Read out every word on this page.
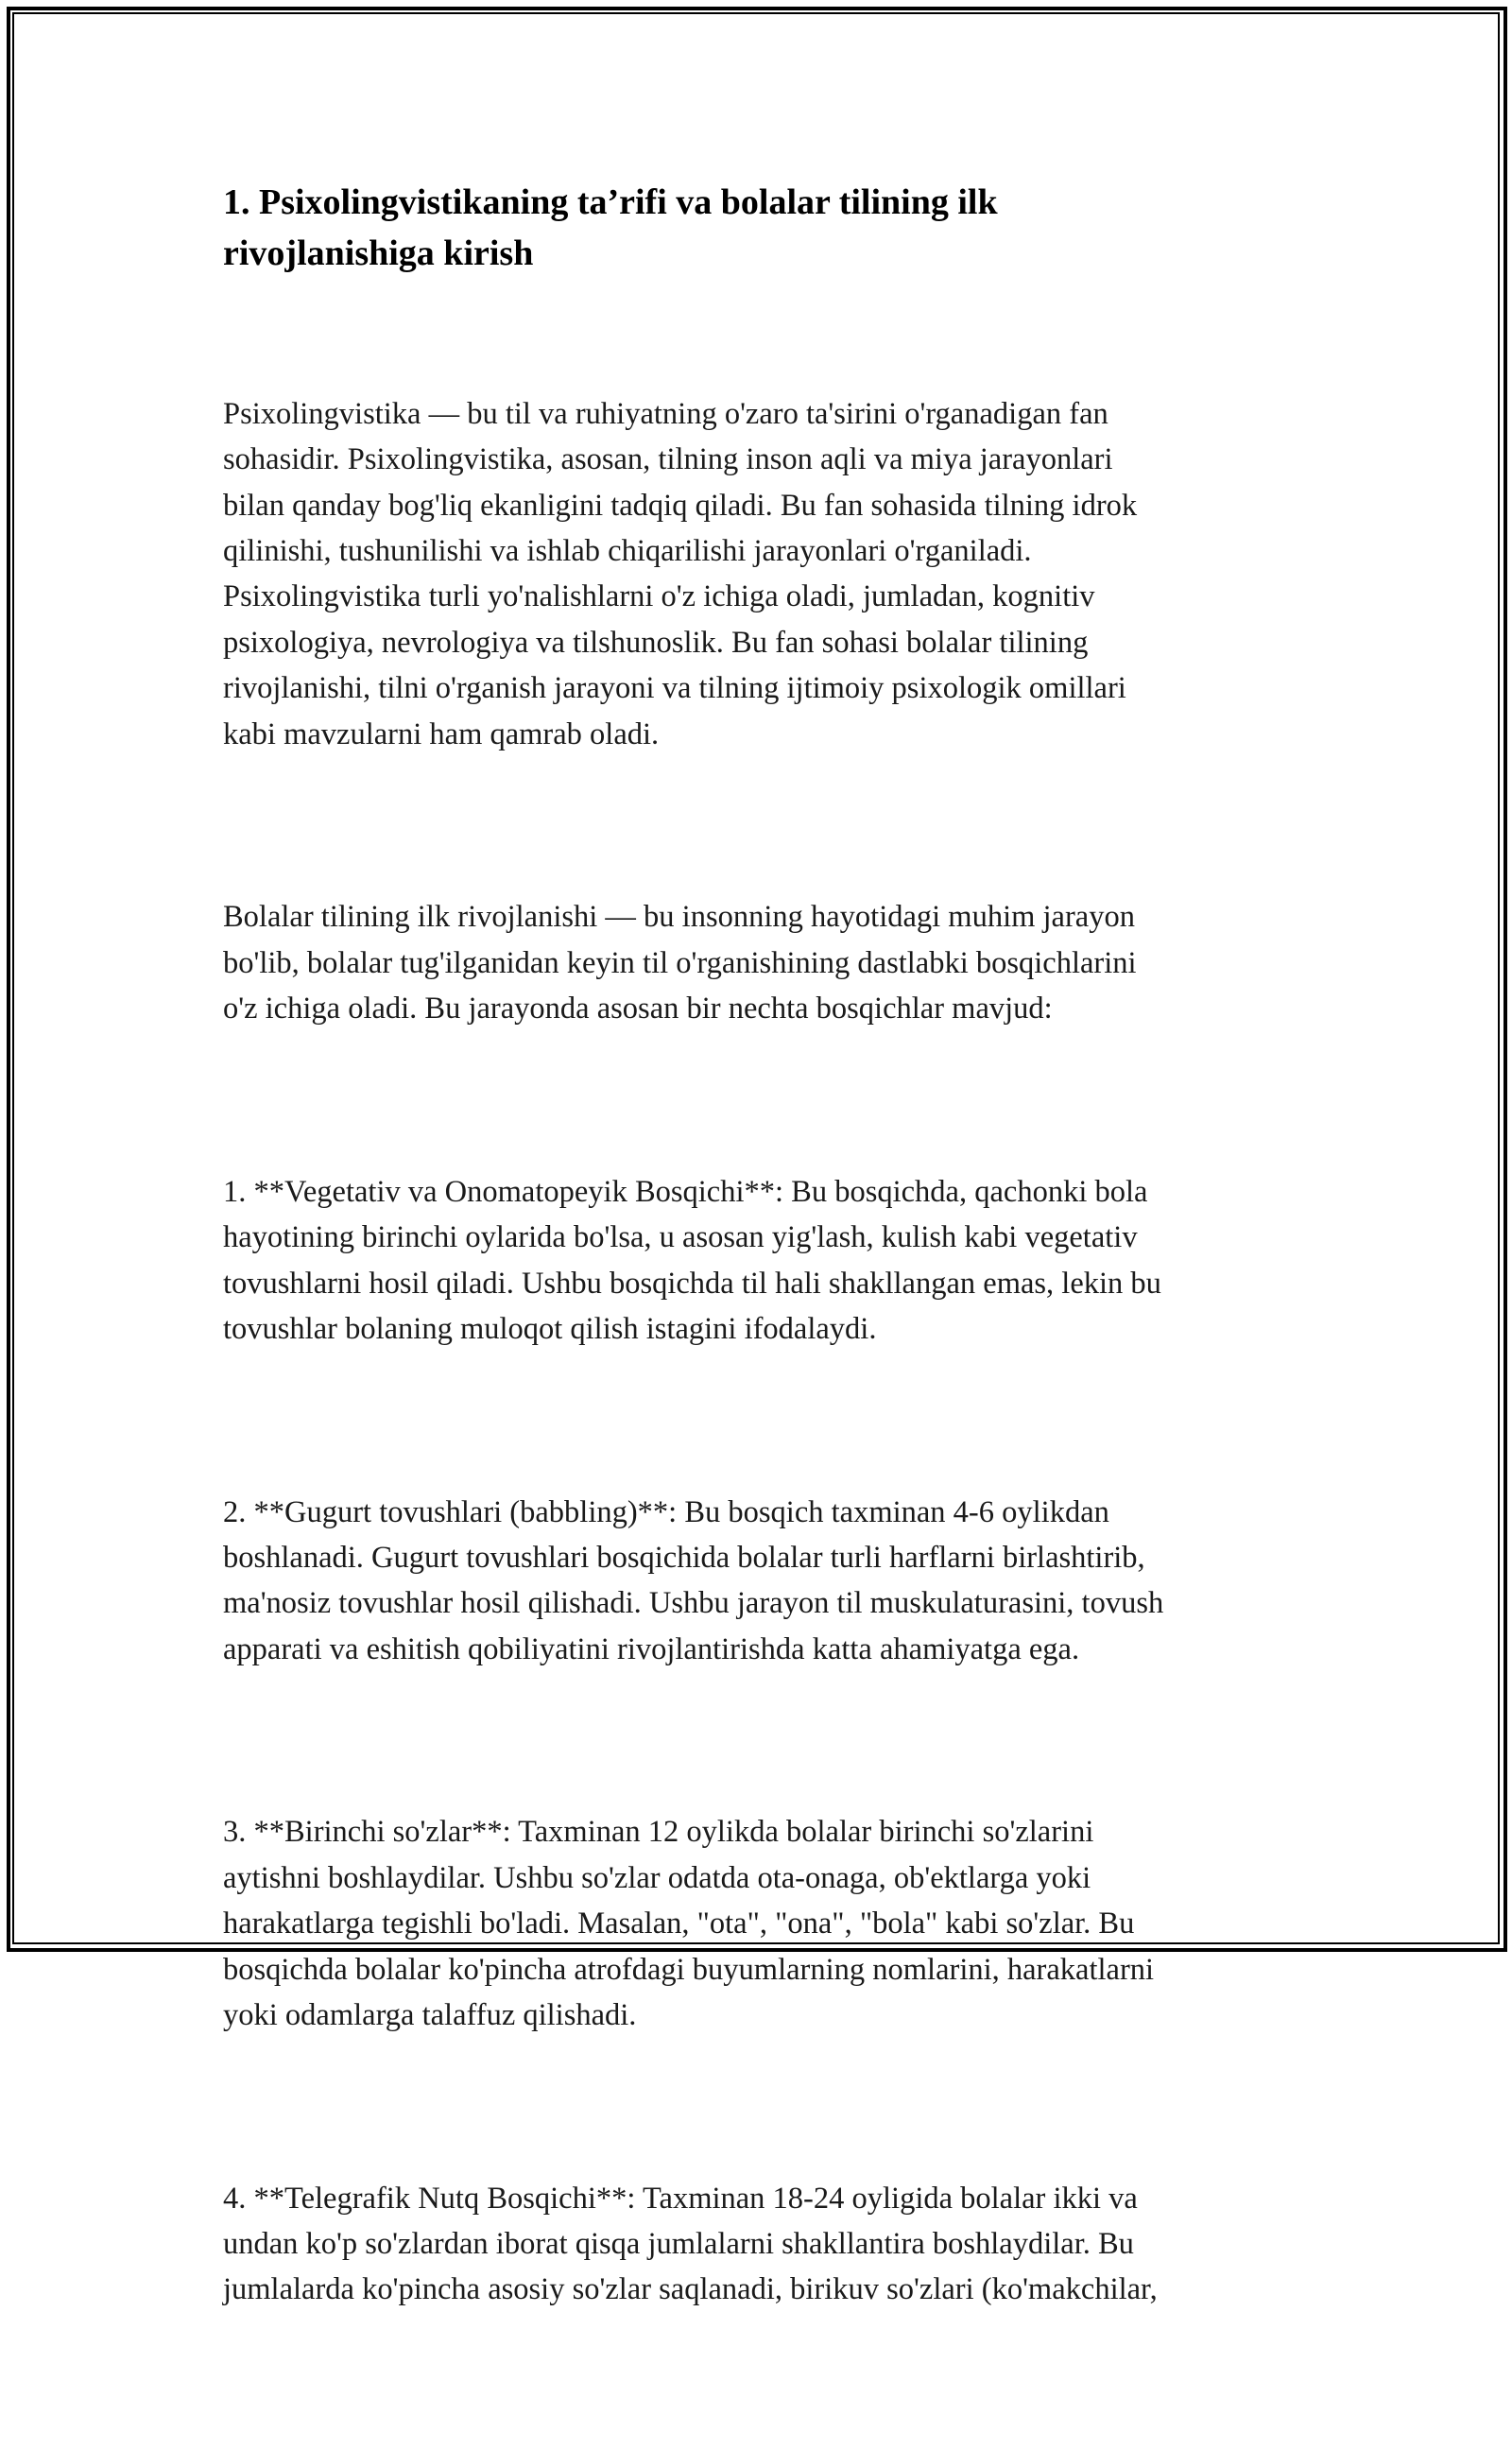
1. Psixolingvistikaning ta’rifi va bolalar tilining ilk
rivojlanishiga kirish

Psixolingvistika — bu til va ruhiyatning o'zaro ta'sirini o'rganadigan fan
sohasidir. Psixolingvistika, asosan, tilning inson aqli va miya jarayonlari
bilan qanday bog'liq ekanligini tadqiq qiladi. Bu fan sohasida tilning idrok
qilinishi, tushunilishi va ishlab chiqarilishi jarayonlari o'rganiladi.
Psixolingvistika turli yo'nalishlarni o'z ichiga oladi, jumladan, kognitiv
psixologiya, nevrologiya va tilshunoslik. Bu fan sohasi bolalar tilining
rivojlanishi, tilni o'rganish jarayoni va tilning ijtimoiy psixologik omillari
kabi mavzularni ham qamrab oladi.

Bolalar tilining ilk rivojlanishi — bu insonning hayotidagi muhim jarayon
bo'lib, bolalar tug'ilganidan keyin til o'rganishining dastlabki bosqichlarini
o'z ichiga oladi. Bu jarayonda asosan bir nechta bosqichlar mavjud:

1. **Vegetativ va Onomatopeyik Bosqichi**: Bu bosqichda, qachonki bola
hayotining birinchi oylarida bo'lsa, u asosan yig'lash, kulish kabi vegetativ
tovushlarni hosil qiladi. Ushbu bosqichda til hali shakllangan emas, lekin bu
tovushlar bolaning muloqot qilish istagini ifodalaydi.

2. **Gugurt tovushlari (babbling)**: Bu bosqich taxminan 4-6 oylikdan
boshlanadi. Gugurt tovushlari bosqichida bolalar turli harflarni birlashtirib,
ma'nosiz tovushlar hosil qilishadi. Ushbu jarayon til muskulaturasini, tovush
apparati va eshitish qobiliyatini rivojlantirishda katta ahamiyatga ega.

3. **Birinchi so'zlar**: Taxminan 12 oylikda bolalar birinchi so'zlarini
aytishni boshlaydilar. Ushbu so'zlar odatda ota-onaga, ob'ektlarga yoki
harakatlarga tegishli bo'ladi. Masalan, "ota", "ona", "bola" kabi so'zlar. Bu
bosqichda bolalar ko'pincha atrofdagi buyumlarning nomlarini, harakatlarni
yoki odamlarga talaffuz qilishadi.

4. **Telegrafik Nutq Bosqichi**: Taxminan 18-24 oyligida bolalar ikki va
undan ko'p so'zlardan iborat qisqa jumlalarni shakllantira boshlaydilar. Bu
jumlalarda ko'pincha asosiy so'zlar saqlanadi, birikuv so'zlari (ko'makchilar,
